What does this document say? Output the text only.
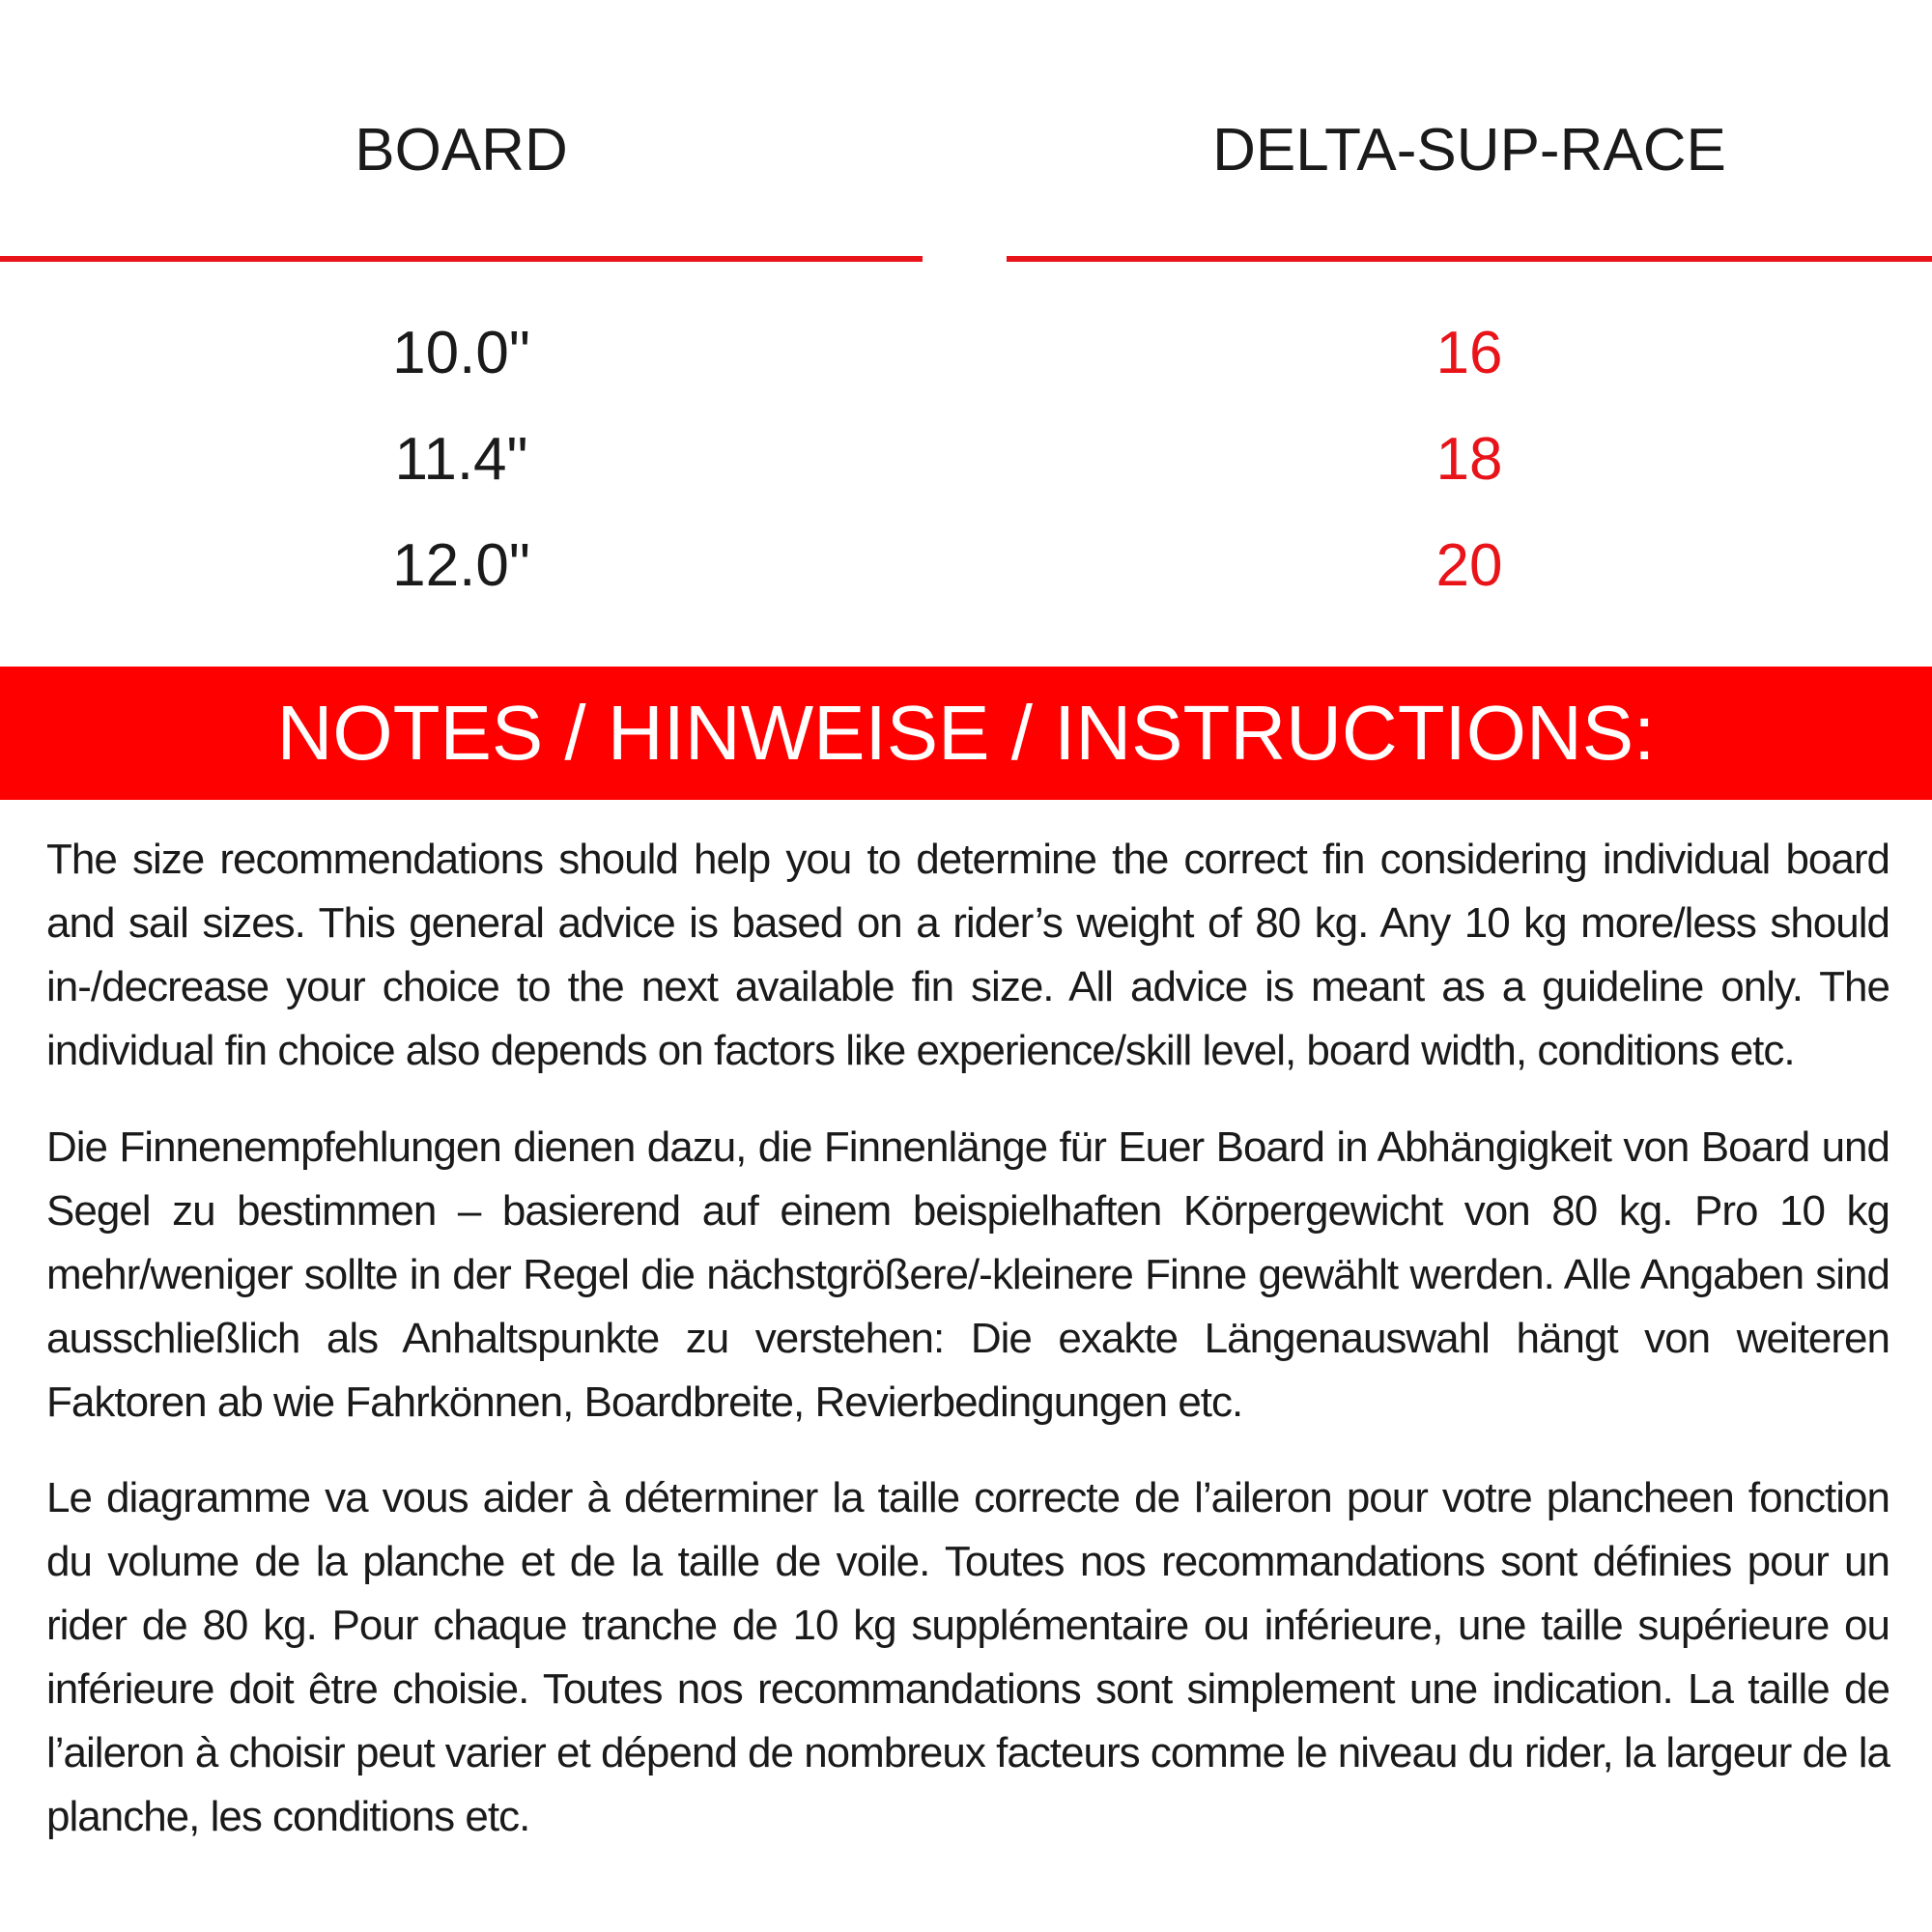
BOARD	DELTA-SUP-RACE
10.0"	16
11.4"	18
12.0"	20
NOTES / HINWEISE / INSTRUCTIONS:

The size recommendations should help you to determine the correct fin considering individual board and sail sizes. This general advice is based on a rider’s weight of 80 kg. Any 10 kg more/less should in-/decrease your choice to the next available fin size. All advice is meant as a guideline only. The individual fin choice also depends on factors like experience/skill level, board width, conditions etc.

Die Finnenempfehlungen dienen dazu, die Finnenlänge für Euer Board in Abhängigkeit von Board und Segel zu bestimmen – basierend auf einem beispielhaften Körpergewicht von 80 kg. Pro 10 kg mehr/weniger sollte in der Regel die nächstgrößere/-kleinere Finne gewählt werden. Alle Angaben sind ausschließlich als Anhaltspunkte zu verstehen: Die exakte Längenauswahl hängt von weiteren Faktoren ab wie Fahrkönnen, Boardbreite, Revierbedingungen etc.

Le diagramme va vous aider à déterminer la taille correcte de l’aileron pour votre plancheen fonction du volume de la planche et de la taille de voile. Toutes nos recommandations sont définies pour un rider de 80 kg. Pour chaque tranche de 10 kg supplémentaire ou inférieure, une taille supérieure ou inférieure doit être choisie. Toutes nos recommandations sont simplement une indication. La taille de l’aileron à choisir peut varier et dépend de nombreux facteurs comme le niveau du rider, la largeur de la planche, les conditions etc.
